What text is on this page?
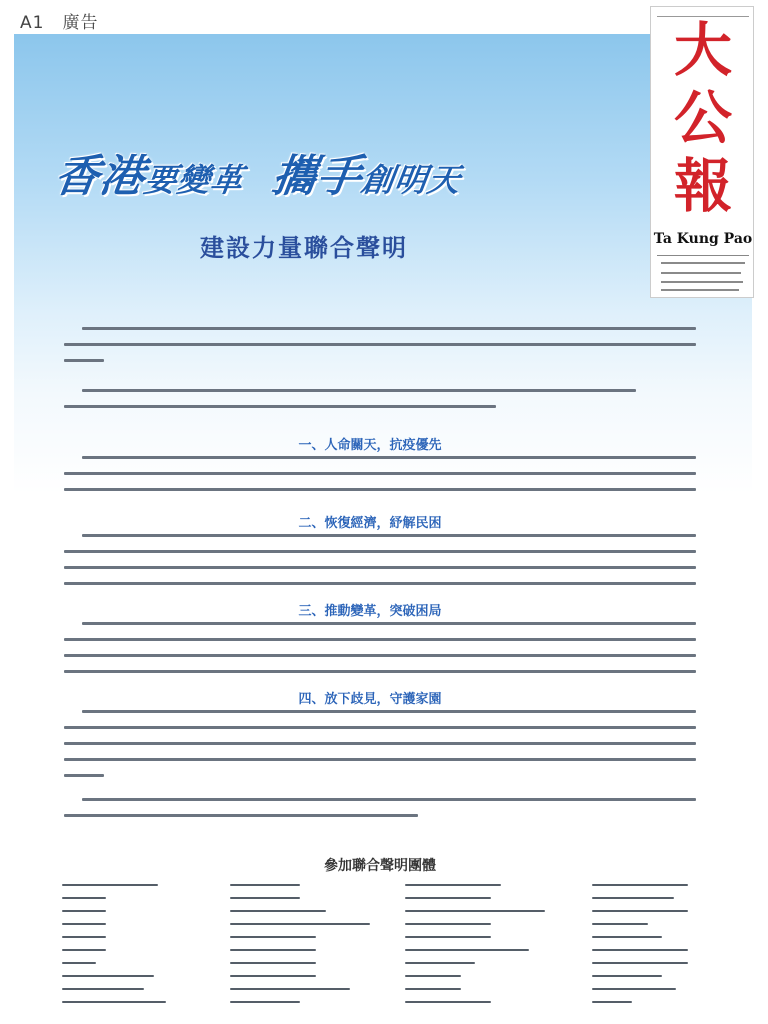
A1　廣告	大
公
報
Ta Kung Pao
香港要變革 攜手創明天
建設力量聯合聲明
一、人命關天，抗疫優先
二、恢復經濟，紓解民困
三、推動變革，突破困局
四、放下歧見，守護家園
參加聯合聲明團體
